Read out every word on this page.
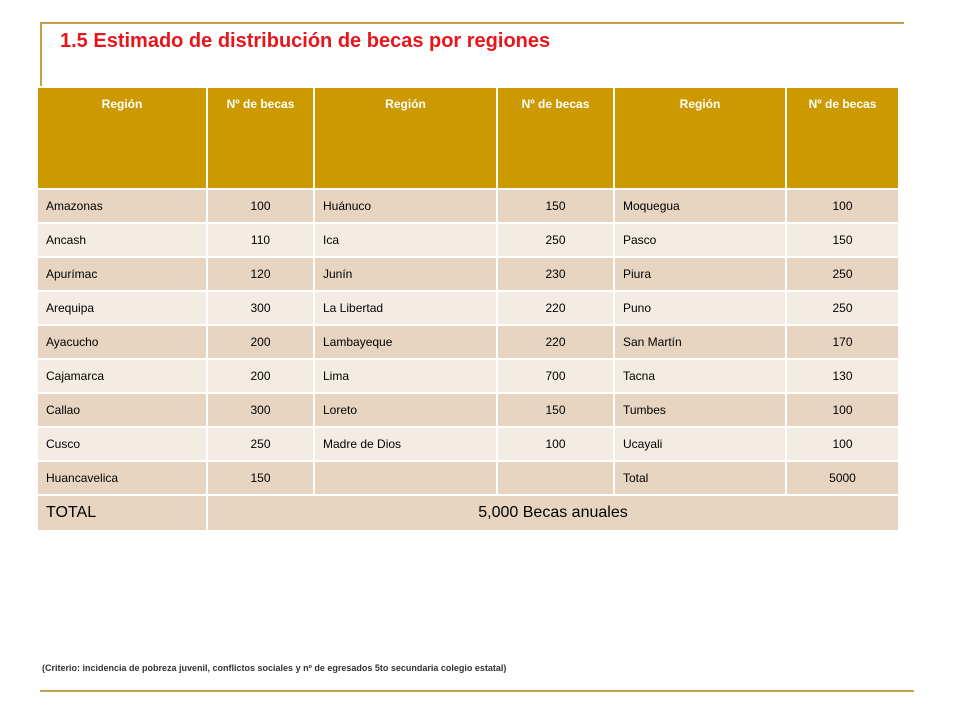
1.5 Estimado de distribución de becas por regiones
Región	Nº de becas	Región	Nº de becas	Región	Nº de becas
Amazonas	100	Huánuco	150	Moquegua	100
Ancash	110	Ica	250	Pasco	150
Apurímac	120	Junín	230	Piura	250
Arequipa	300	La Libertad	220	Puno	250
Ayacucho	200	Lambayeque	220	San Martín	170
Cajamarca	200	Lima	700	Tacna	130
Callao	300	Loreto	150	Tumbes	100
Cusco	250	Madre de Dios	100	Ucayali	100
Huancavelica	150			Total	5000
TOTAL	5,000 Becas anuales				
(Criterio: incidencia de pobreza juvenil, conflictos sociales y nº de egresados 5to secundaria colegio estatal)
